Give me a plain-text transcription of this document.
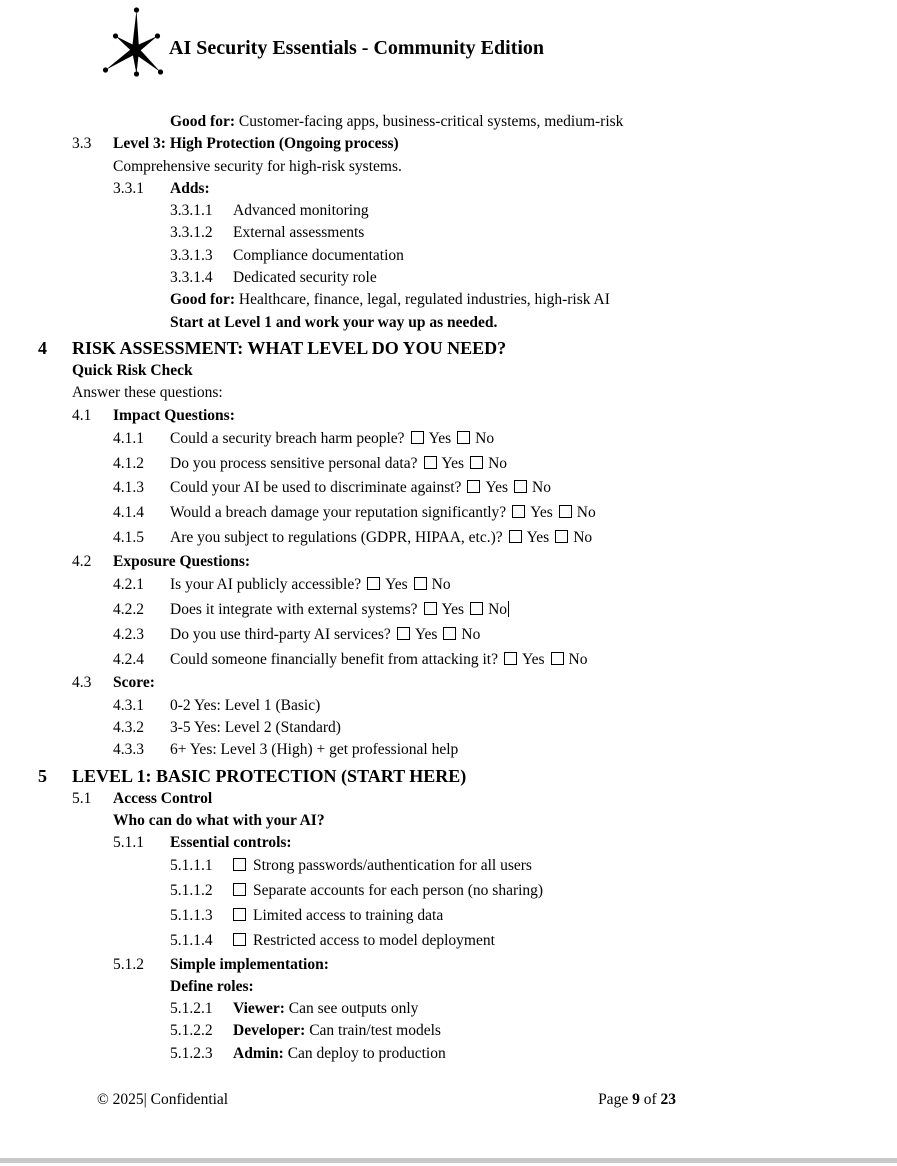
AI Security Essentials - Community Edition
Good for: Customer-facing apps, business-critical systems, medium-risk
3.3 Level 3: High Protection (Ongoing process)
Comprehensive security for high-risk systems.
3.3.1 Adds:
3.3.1.1 Advanced monitoring
3.3.1.2 External assessments
3.3.1.3 Compliance documentation
3.3.1.4 Dedicated security role
Good for: Healthcare, finance, legal, regulated industries, high-risk AI
Start at Level 1 and work your way up as needed.
4 RISK ASSESSMENT: WHAT LEVEL DO YOU NEED?
Quick Risk Check
Answer these questions:
4.1 Impact Questions:
4.1.1 Could a security breach harm people? Yes No
4.1.2 Do you process sensitive personal data? Yes No
4.1.3 Could your AI be used to discriminate against? Yes No
4.1.4 Would a breach damage your reputation significantly? Yes No
4.1.5 Are you subject to regulations (GDPR, HIPAA, etc.)? Yes No
4.2 Exposure Questions:
4.2.1 Is your AI publicly accessible? Yes No
4.2.2 Does it integrate with external systems? Yes No
4.2.3 Do you use third-party AI services? Yes No
4.2.4 Could someone financially benefit from attacking it? Yes No
4.3 Score:
4.3.1 0-2 Yes: Level 1 (Basic)
4.3.2 3-5 Yes: Level 2 (Standard)
4.3.3 6+ Yes: Level 3 (High) + get professional help
5 LEVEL 1: BASIC PROTECTION (START HERE)
5.1 Access Control
Who can do what with your AI?
5.1.1 Essential controls:
5.1.1.1	Strong passwords/authentication for all users
5.1.1.2	Separate accounts for each person (no sharing)
5.1.1.3	Limited access to training data
5.1.1.4	Restricted access to model deployment
5.1.2 Simple implementation:
Define roles:
5.1.2.1 Viewer: Can see outputs only
5.1.2.2 Developer: Can train/test models
5.1.2.3 Admin: Can deploy to production
© 2025| Confidential	Page 9 of 23
